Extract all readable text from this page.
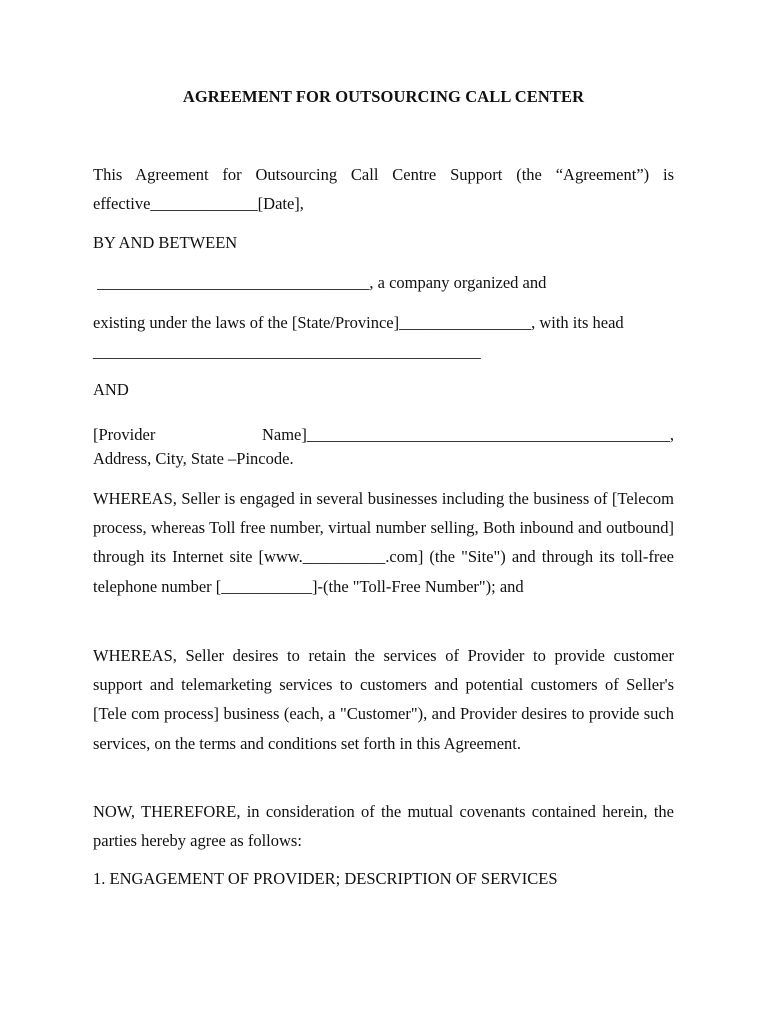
AGREEMENT FOR OUTSOURCING CALL CENTER

This Agreement for Outsourcing Call Centre Support (the “Agreement”) is effective_____________[Date],

BY AND BETWEEN

_________________________________, a company organized and

existing under the laws of the [State/Province]________________, with its head
_______________________________________________

AND

[Provider	Name]____________________________________________,
Address, City, State –Pincode.

WHEREAS, Seller is engaged in several businesses including the business of [Telecom process, whereas Toll free number, virtual number selling, Both inbound and outbound] through its Internet site [www.__________.com] (the "Site") and through its toll-free telephone number [___________]-(the "Toll-Free Number"); and

WHEREAS, Seller desires to retain the services of Provider to provide customer support and telemarketing services to customers and potential customers of Seller's [Tele com process] business (each, a "Customer"), and Provider desires to provide such services, on the terms and conditions set forth in this Agreement.

NOW, THEREFORE, in consideration of the mutual covenants contained herein, the parties hereby agree as follows:

1. ENGAGEMENT OF PROVIDER; DESCRIPTION OF SERVICES
